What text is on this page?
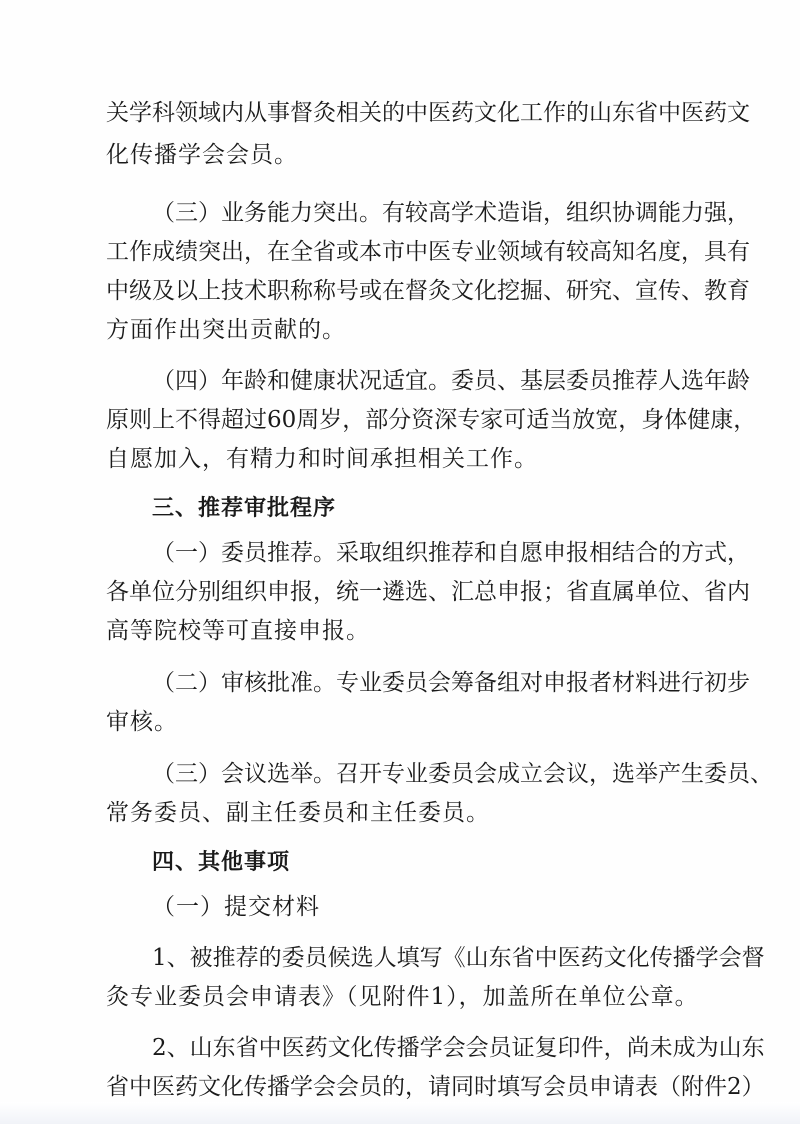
关学科领域内从事督灸相关的中医药文化工作的山东省中医药文
化传播学会会员。
（三）业务能力突出。有较高学术造诣，组织协调能力强，
工作成绩突出，在全省或本市中医专业领域有较高知名度，具有
中级及以上技术职称称号或在督灸文化挖掘、研究、宣传、教育
方面作出突出贡献的。
（四）年龄和健康状况适宜。委员、基层委员推荐人选年龄
原则上不得超过60周岁，部分资深专家可适当放宽，身体健康，
自愿加入，有精力和时间承担相关工作。
三、推荐审批程序
（一）委员推荐。采取组织推荐和自愿申报相结合的方式，
各单位分别组织申报，统一遴选、汇总申报；省直属单位、省内
高等院校等可直接申报。
（二）审核批准。专业委员会筹备组对申报者材料进行初步
审核。
（三）会议选举。召开专业委员会成立会议，选举产生委员、
常务委员、副主任委员和主任委员。
四、其他事项
（一）提交材料
1、被推荐的委员候选人填写《山东省中医药文化传播学会督
灸专业委员会申请表》（见附件1），加盖所在单位公章。
2、山东省中医药文化传播学会会员证复印件，尚未成为山东
省中医药文化传播学会会员的，请同时填写会员申请表（附件2）
